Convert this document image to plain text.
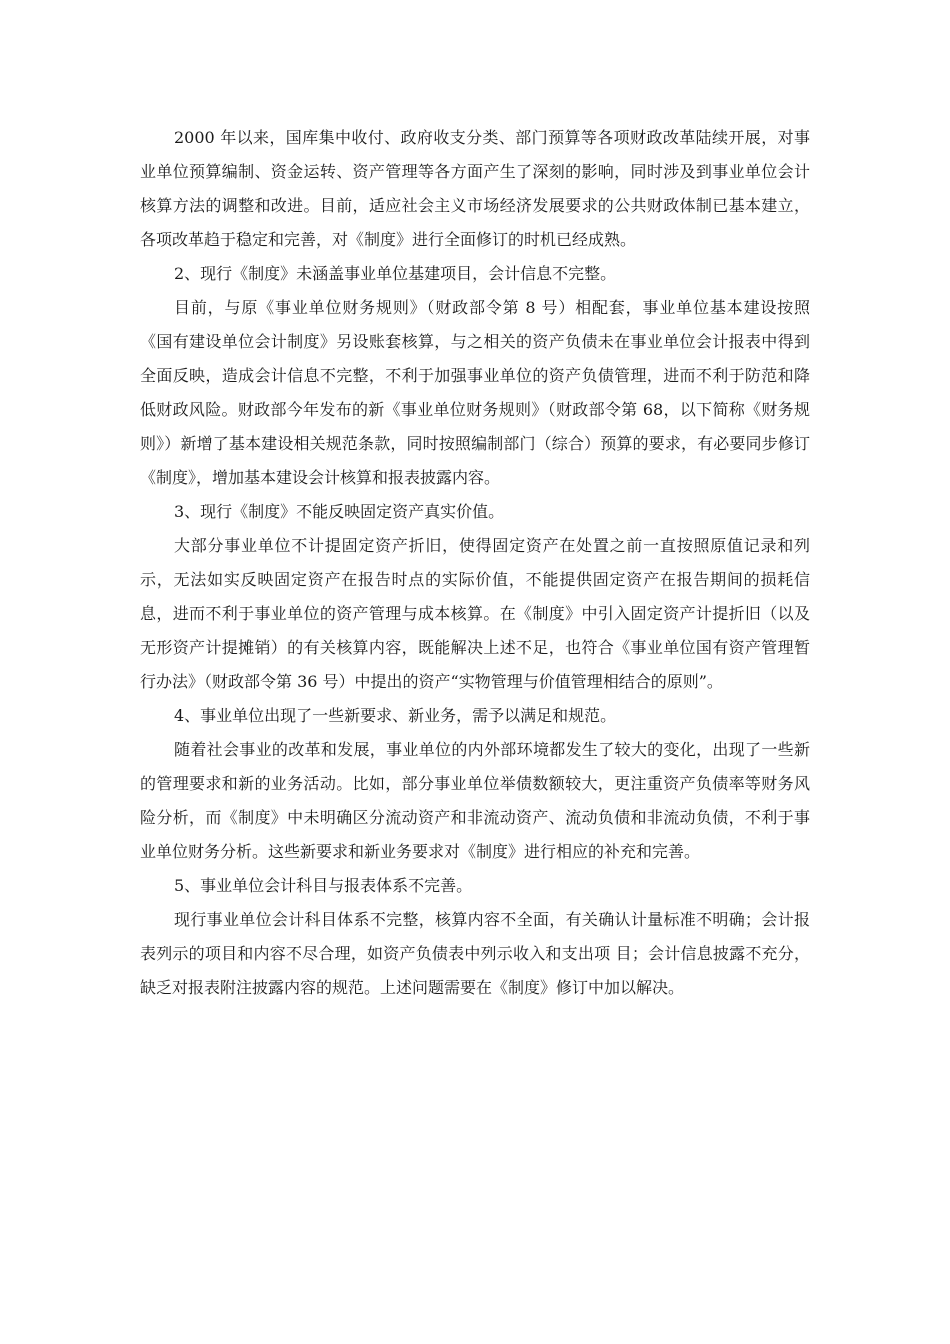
2000 年以来，国库集中收付、政府收支分类、部门预算等各项财政改革陆续开展，对事业单位预算编制、资金运转、资产管理等各方面产生了深刻的影响，同时涉及到事业单位会计核算方法的调整和改进。目前，适应社会主义市场经济发展要求的公共财政体制已基本建立，各项改革趋于稳定和完善，对《制度》进行全面修订的时机已经成熟。

2、现行《制度》未涵盖事业单位基建项目，会计信息不完整。

目前，与原《事业单位财务规则》（财政部令第 8 号）相配套，事业单位基本建设按照《国有建设单位会计制度》另设账套核算，与之相关的资产负债未在事业单位会计报表中得到全面反映，造成会计信息不完整，不利于加强事业单位的资产负债管理，进而不利于防范和降低财政风险。财政部今年发布的新《事业单位财务规则》（财政部令第 68，以下简称《财务规则》）新增了基本建设相关规范条款，同时按照编制部门（综合）预算的要求，有必要同步修订《制度》，增加基本建设会计核算和报表披露内容。

3、现行《制度》不能反映固定资产真实价值。

大部分事业单位不计提固定资产折旧，使得固定资产在处置之前一直按照原值记录和列示，无法如实反映固定资产在报告时点的实际价值，不能提供固定资产在报告期间的损耗信息，进而不利于事业单位的资产管理与成本核算。在《制度》中引入固定资产计提折旧（以及无形资产计提摊销）的有关核算内容，既能解决上述不足，也符合《事业单位国有资产管理暂行办法》（财政部令第 36 号）中提出的资产“实物管理与价值管理相结合的原则”。

4、事业单位出现了一些新要求、新业务，需予以满足和规范。

随着社会事业的改革和发展，事业单位的内外部环境都发生了较大的变化，出现了一些新的管理要求和新的业务活动。比如，部分事业单位举债数额较大，更注重资产负债率等财务风险分析，而《制度》中未明确区分流动资产和非流动资产、流动负债和非流动负债，不利于事业单位财务分析。这些新要求和新业务要求对《制度》进行相应的补充和完善。

5、事业单位会计科目与报表体系不完善。

现行事业单位会计科目体系不完整，核算内容不全面，有关确认计量标准不明确；会计报表列示的项目和内容不尽合理，如资产负债表中列示收入和支出项 目；会计信息披露不充分，缺乏对报表附注披露内容的规范。上述问题需要在《制度》修订中加以解决。
